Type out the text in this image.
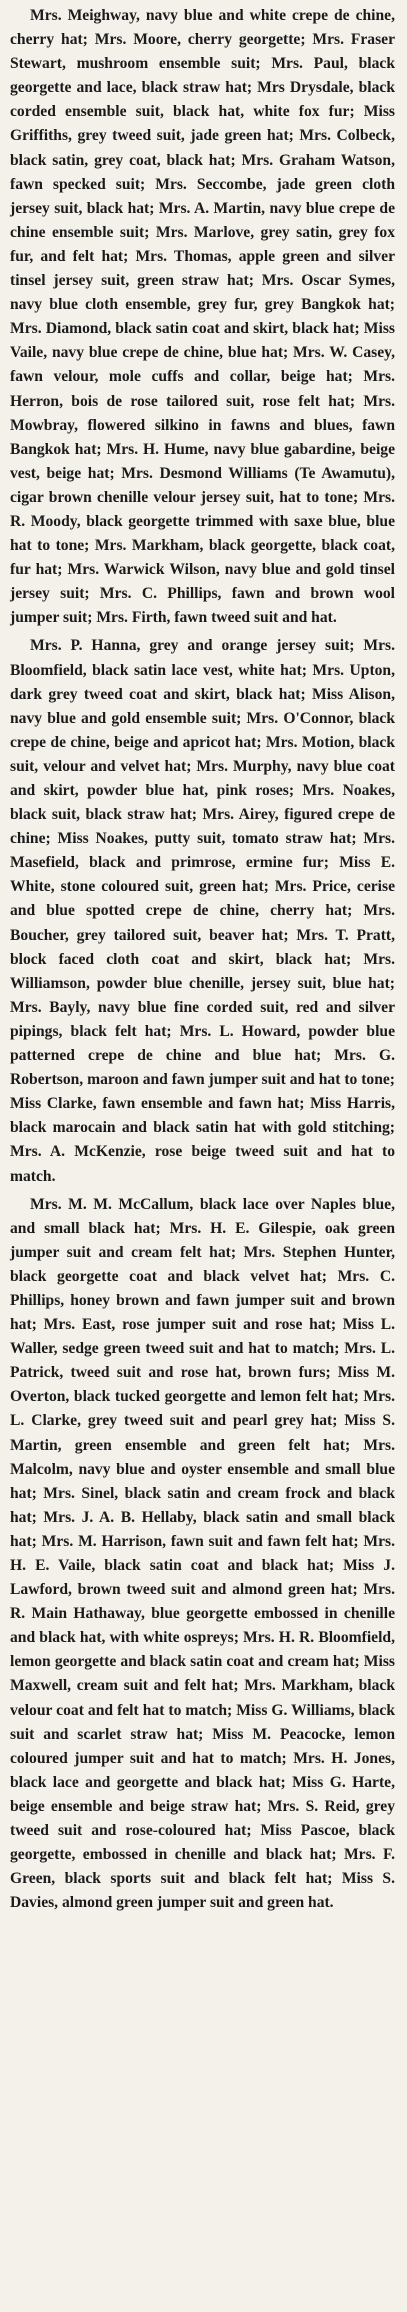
Mrs. Meighway, navy blue and white crepe de chine, cherry hat; Mrs. Moore, cherry georgette; Mrs. Fraser Stewart, mushroom ensemble suit; Mrs. Paul, black georgette and lace, black straw hat; Mrs Drysdale, black corded ensemble suit, black hat, white fox fur; Miss Griffiths, grey tweed suit, jade green hat; Mrs. Colbeck, black satin, grey coat, black hat; Mrs. Graham Watson, fawn specked suit; Mrs. Seccombe, jade green cloth jersey suit, black hat; Mrs. A. Martin, navy blue crepe de chine ensemble suit; Mrs. Marlove, grey satin, grey fox fur, and felt hat; Mrs. Thomas, apple green and silver tinsel jersey suit, green straw hat; Mrs. Oscar Symes, navy blue cloth ensemble, grey fur, grey Bangkok hat; Mrs. Diamond, black satin coat and skirt, black hat; Miss Vaile, navy blue crepe de chine, blue hat; Mrs. W. Casey, fawn velour, mole cuffs and collar, beige hat; Mrs. Herron, bois de rose tailored suit, rose felt hat; Mrs. Mowbray, flowered silkino in fawns and blues, fawn Bangkok hat; Mrs. H. Hume, navy blue gabardine, beige vest, beige hat; Mrs. Desmond Williams (Te Awamutu), cigar brown chenille velour jersey suit, hat to tone; Mrs. R. Moody, black georgette trimmed with saxe blue, blue hat to tone; Mrs. Markham, black georgette, black coat, fur hat; Mrs. Warwick Wilson, navy blue and gold tinsel jersey suit; Mrs. C. Phillips, fawn and brown wool jumper suit; Mrs. Firth, fawn tweed suit and hat.

Mrs. P. Hanna, grey and orange jersey suit; Mrs. Bloomfield, black satin lace vest, white hat; Mrs. Upton, dark grey tweed coat and skirt, black hat; Miss Alison, navy blue and gold ensemble suit; Mrs. O'Connor, black crepe de chine, beige and apricot hat; Mrs. Motion, black suit, velour and velvet hat; Mrs. Murphy, navy blue coat and skirt, powder blue hat, pink roses; Mrs. Noakes, black suit, black straw hat; Mrs. Airey, figured crepe de chine; Miss Noakes, putty suit, tomato straw hat; Mrs. Masefield, black and primrose, ermine fur; Miss E. White, stone coloured suit, green hat; Mrs. Price, cerise and blue spotted crepe de chine, cherry hat; Mrs. Boucher, grey tailored suit, beaver hat; Mrs. T. Pratt, block faced cloth coat and skirt, black hat; Mrs. Williamson, powder blue chenille, jersey suit, blue hat; Mrs. Bayly, navy blue fine corded suit, red and silver pipings, black felt hat; Mrs. L. Howard, powder blue patterned crepe de chine and blue hat; Mrs. G. Robertson, maroon and fawn jumper suit and hat to tone; Miss Clarke, fawn ensemble and fawn hat; Miss Harris, black marocain and black satin hat with gold stitching; Mrs. A. McKenzie, rose beige tweed suit and hat to match.

Mrs. M. M. McCallum, black lace over Naples blue, and small black hat; Mrs. H. E. Gilespie, oak green jumper suit and cream felt hat; Mrs. Stephen Hunter, black georgette coat and black velvet hat; Mrs. C. Phillips, honey brown and fawn jumper suit and brown hat; Mrs. East, rose jumper suit and rose hat; Miss L. Waller, sedge green tweed suit and hat to match; Mrs. L. Patrick, tweed suit and rose hat, brown furs; Miss M. Overton, black tucked georgette and lemon felt hat; Mrs. L. Clarke, grey tweed suit and pearl grey hat; Miss S. Martin, green ensemble and green felt hat; Mrs. Malcolm, navy blue and oyster ensemble and small blue hat; Mrs. Sinel, black satin and cream frock and black hat; Mrs. J. A. B. Hellaby, black satin and small black hat; Mrs. M. Harrison, fawn suit and fawn felt hat; Mrs. H. E. Vaile, black satin coat and black hat; Miss J. Lawford, brown tweed suit and almond green hat; Mrs. R. Main Hathaway, blue georgette embossed in chenille and black hat, with white ospreys; Mrs. H. R. Bloomfield, lemon georgette and black satin coat and cream hat; Miss Maxwell, cream suit and felt hat; Mrs. Markham, black velour coat and felt hat to match; Miss G. Williams, black suit and scarlet straw hat; Miss M. Peacocke, lemon coloured jumper suit and hat to match; Mrs. H. Jones, black lace and georgette and black hat; Miss G. Harte, beige ensemble and beige straw hat; Mrs. S. Reid, grey tweed suit and rose-coloured hat; Miss Pascoe, black georgette, embossed in chenille and black hat; Mrs. F. Green, black sports suit and black felt hat; Miss S. Davies, almond green jumper suit and green hat.
